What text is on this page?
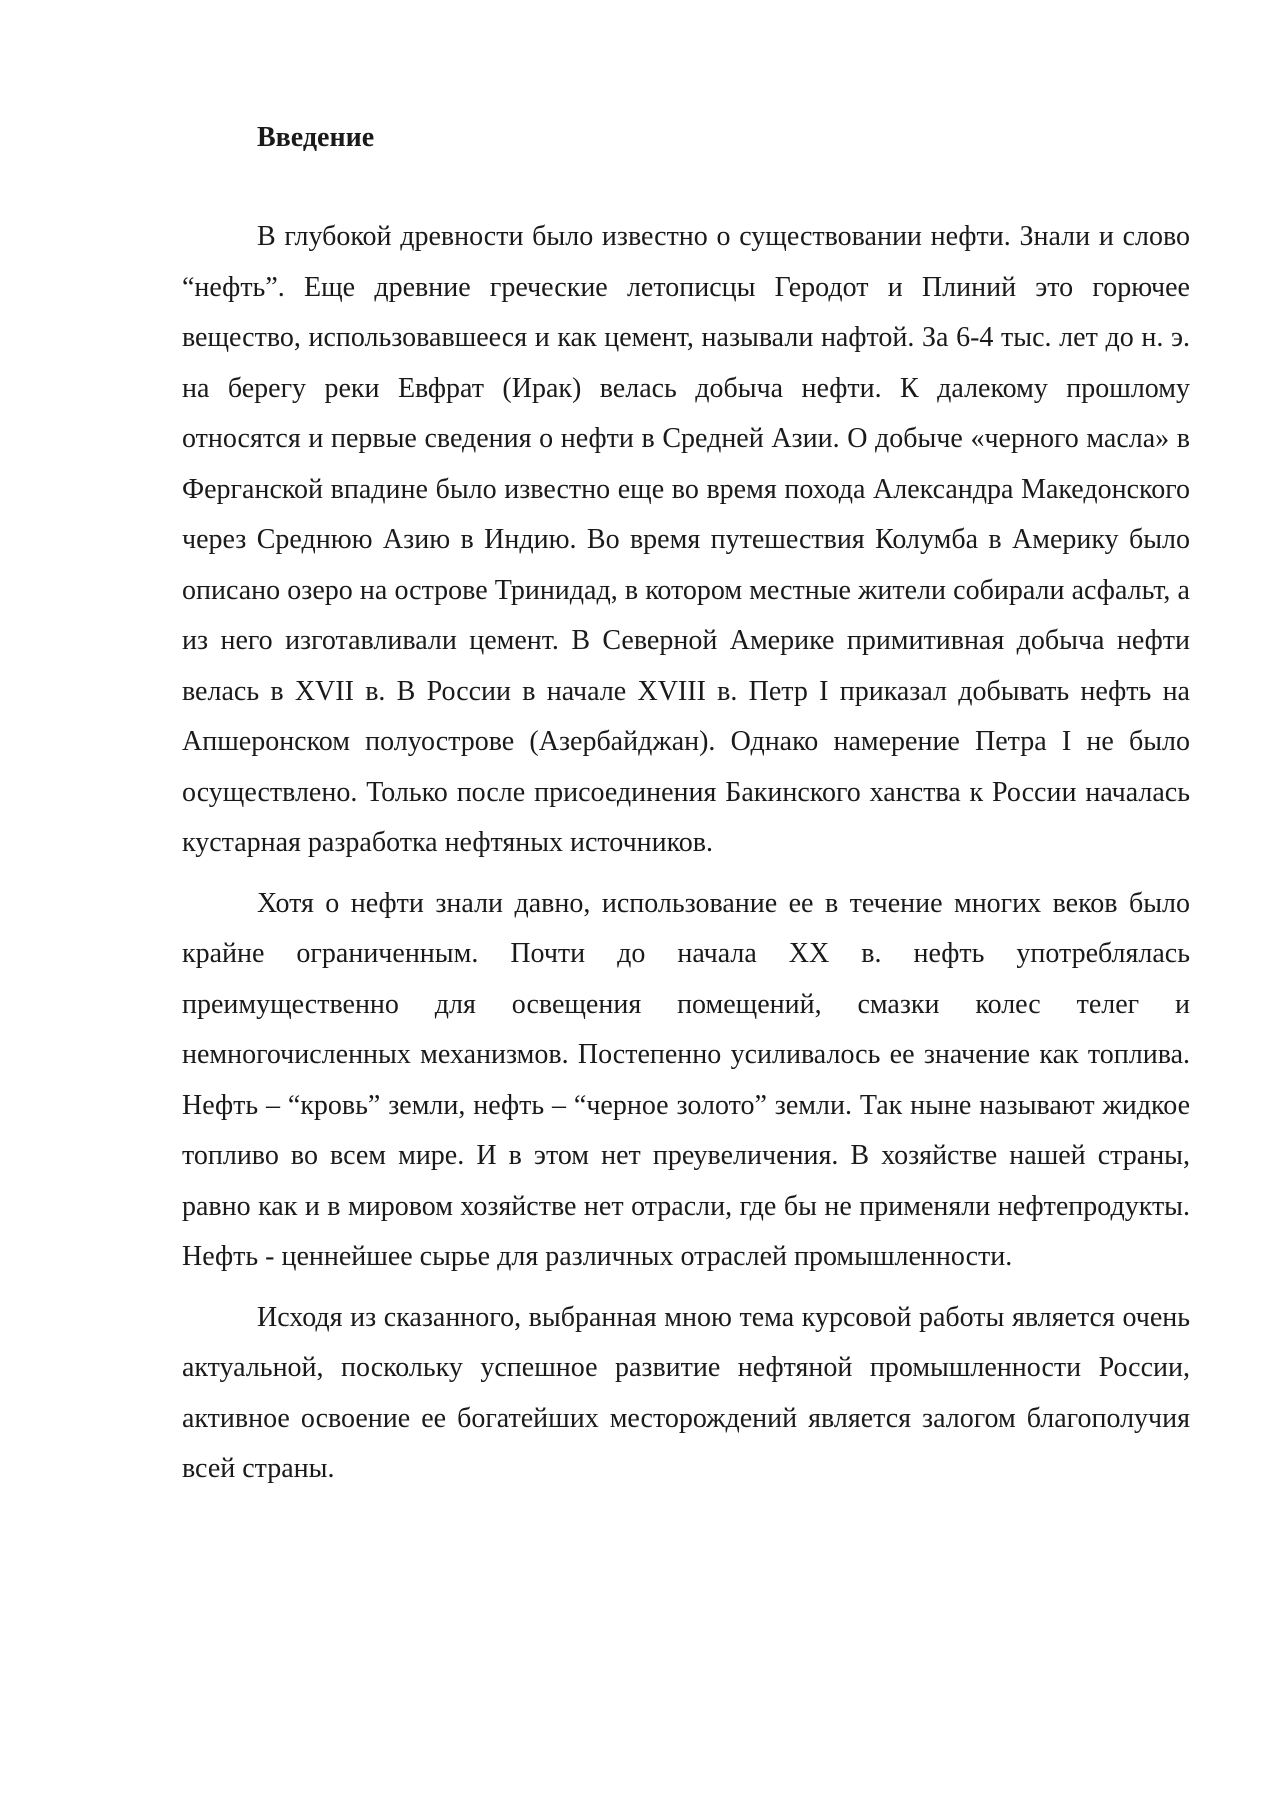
Введение

В глубокой древности было известно о существовании нефти. Знали и слово “нефть”. Еще древние греческие летописцы Геродот и Плиний это горючее вещество, использовавшееся и как цемент, называли нафтой. За 6-4 тыс. лет до н. э. на берегу реки Евфрат (Ирак) велась добыча нефти. К далекому прошлому относятся и первые сведения о нефти в Средней Азии. О добыче «черного масла» в Ферганской впадине было известно еще во время похода Александра Македонского через Среднюю Азию в Индию. Во время путешествия Колумба в Америку было описано озеро на острове Тринидад, в котором местные жители собирали асфальт, а из него изготавливали цемент. В Северной Америке примитивная добыча нефти велась в XVII в. В России в начале XVIII в. Петр I приказал добывать нефть на Апшеронском полуострове (Азербайджан). Однако намерение Петра I не было осуществлено. Только после присоединения Бакинского ханства к России началась кустарная разработка нефтяных источников.

Хотя о нефти знали давно, использование ее в течение многих веков было крайне ограниченным. Почти до начала XX в. нефть употреблялась преимущественно для освещения помещений, смазки колес телег и немногочисленных механизмов. Постепенно усиливалось ее значение как топлива. Нефть – “кровь” земли, нефть – “черное золото” земли. Так ныне называют жидкое топливо во всем мире. И в этом нет преувеличения. В хозяйстве нашей страны, равно как и в мировом хозяйстве нет отрасли, где бы не применяли нефтепродукты. Нефть - ценнейшее сырье для различных отраслей промышленности.

Исходя из сказанного, выбранная мною тема курсовой работы является очень актуальной, поскольку успешное развитие нефтяной промышленности России, активное освоение ее богатейших месторождений является залогом благополучия всей страны.
